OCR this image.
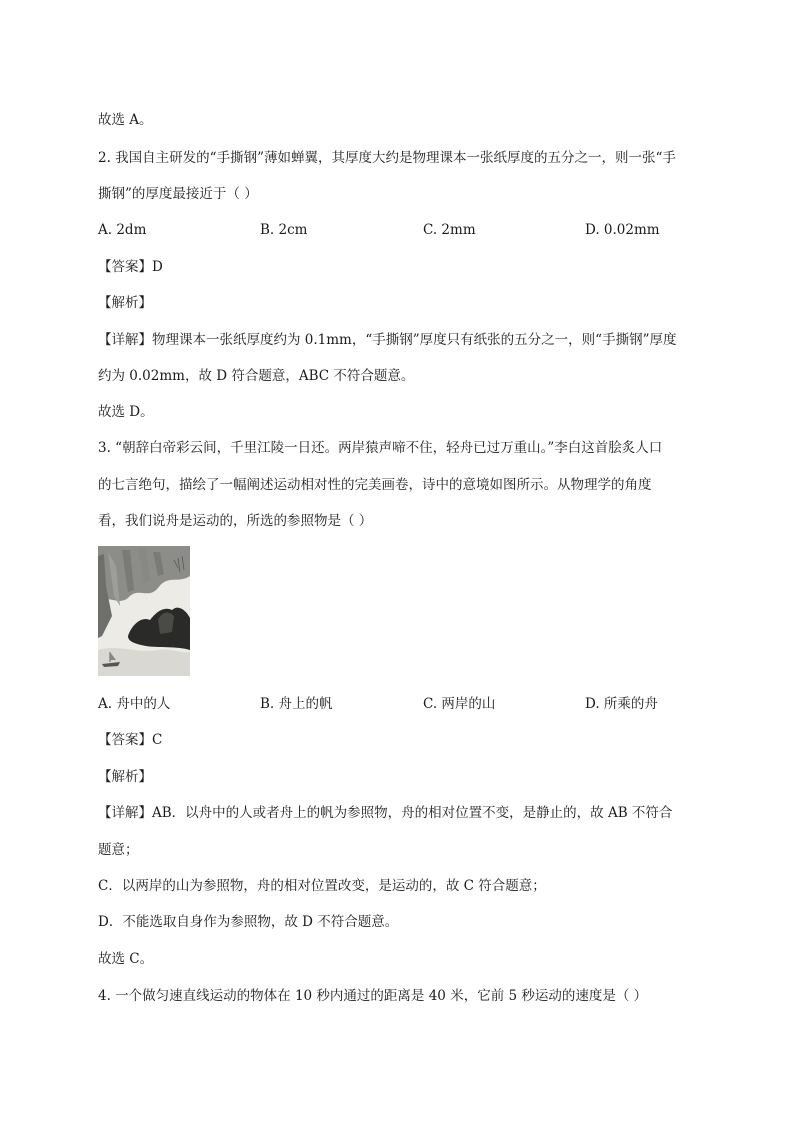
故选 A。
2. 我国自主研发的“手撕钢”薄如蝉翼，其厚度大约是物理课本一张纸厚度的五分之一，则一张“手
撕钢”的厚度最接近于（ ）
A. 2dm	B. 2cm	C. 2mm	D. 0.02mm
【答案】D
【解析】
【详解】物理课本一张纸厚度约为 0.1mm，“手撕钢”厚度只有纸张的五分之一，则“手撕钢”厚度
约为 0.02mm，故 D 符合题意，ABC 不符合题意。
故选 D。
3. “朝辞白帝彩云间，千里江陵一日还。两岸猿声啼不住，轻舟已过万重山。”李白这首脍炙人口
的七言绝句，描绘了一幅阐述运动相对性的完美画卷，诗中的意境如图所示。从物理学的角度
看，我们说舟是运动的，所选的参照物是（ ）
A. 舟中的人	B. 舟上的帆	C. 两岸的山	D. 所乘的舟
【答案】C
【解析】
【详解】AB．以舟中的人或者舟上的帆为参照物，舟的相对位置不变，是静止的，故 AB 不符合
题意；
C．以两岸的山为参照物，舟的相对位置改变，是运动的，故 C 符合题意；
D．不能选取自身作为参照物，故 D 不符合题意。
故选 C。
4. 一个做匀速直线运动的物体在 10 秒内通过的距离是 40 米，它前 5 秒运动的速度是（ ）
